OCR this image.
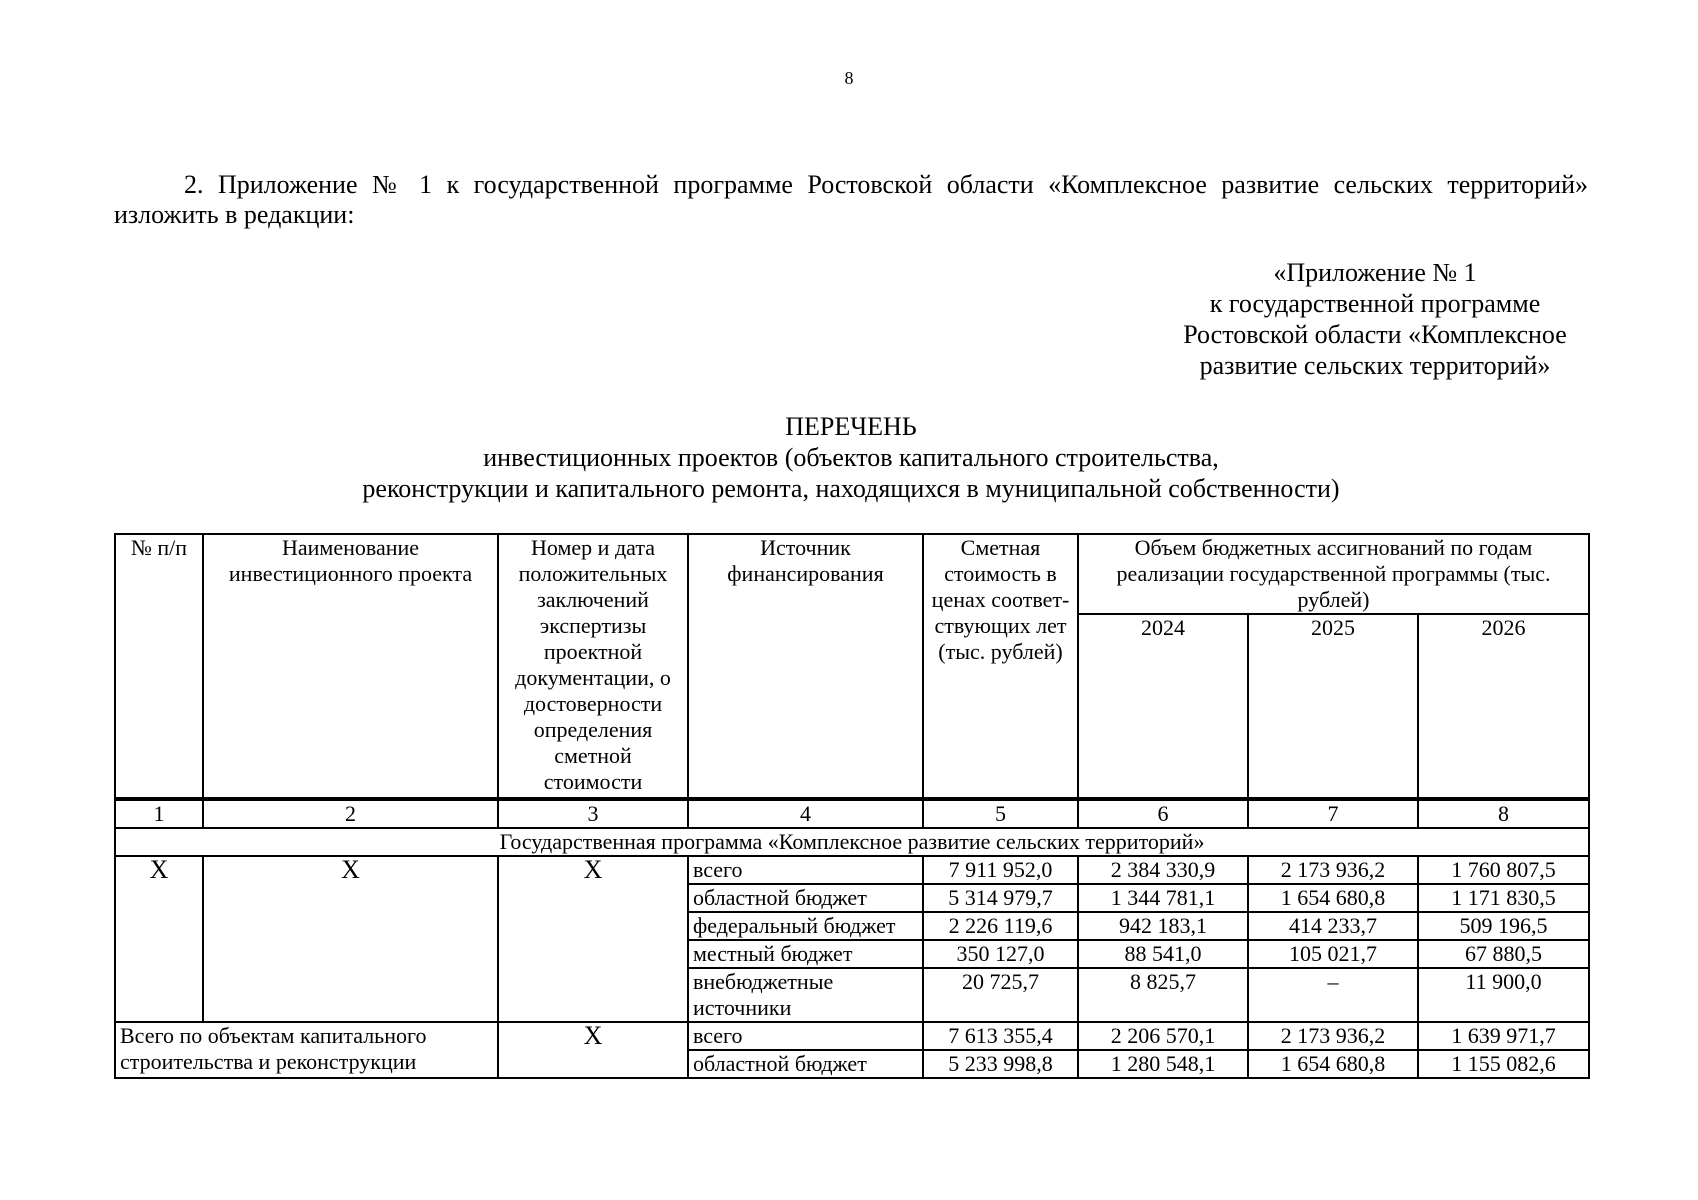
8
2. Приложение № 1 к государственной программе Ростовской области «Комплексное развитие сельских территорий» изложить в редакции:
«Приложение № 1
к государственной программе
Ростовской области «Комплексное
развитие сельских территорий»
ПЕРЕЧЕНЬ
инвестиционных проектов (объектов капитального строительства,
реконструкции и капитального ремонта, находящихся в муниципальной собственности)
№ п/п	Наименование инвестиционного проекта	Номер и дата положительных заключений экспертизы проектной документации, о достоверности определения сметной стоимости	Источник финансирования	Сметная стоимость в ценах соответ-ствующих лет (тыс. рублей)	Объем бюджетных ассигнований по годам реализации государственной программы (тыс. рублей)		
					2024	2025	2026
1	2	3	4	5	6	7	8
Государственная программа «Комплексное развитие сельских территорий»							
X	X	X	всего	7 911 952,0	2 384 330,9	2 173 936,2	1 760 807,5
			областной бюджет	5 314 979,7	1 344 781,1	1 654 680,8	1 171 830,5
			федеральный бюджет	2 226 119,6	942 183,1	414 233,7	509 196,5
			местный бюджет	350 127,0	88 541,0	105 021,7	67 880,5
			внебюджетные источники	20 725,7	8 825,7	–	11 900,0
Всего по объектам капитального строительства и реконструкции		X	всего	7 613 355,4	2 206 570,1	2 173 936,2	1 639 971,7
			областной бюджет	5 233 998,8	1 280 548,1	1 654 680,8	1 155 082,6
